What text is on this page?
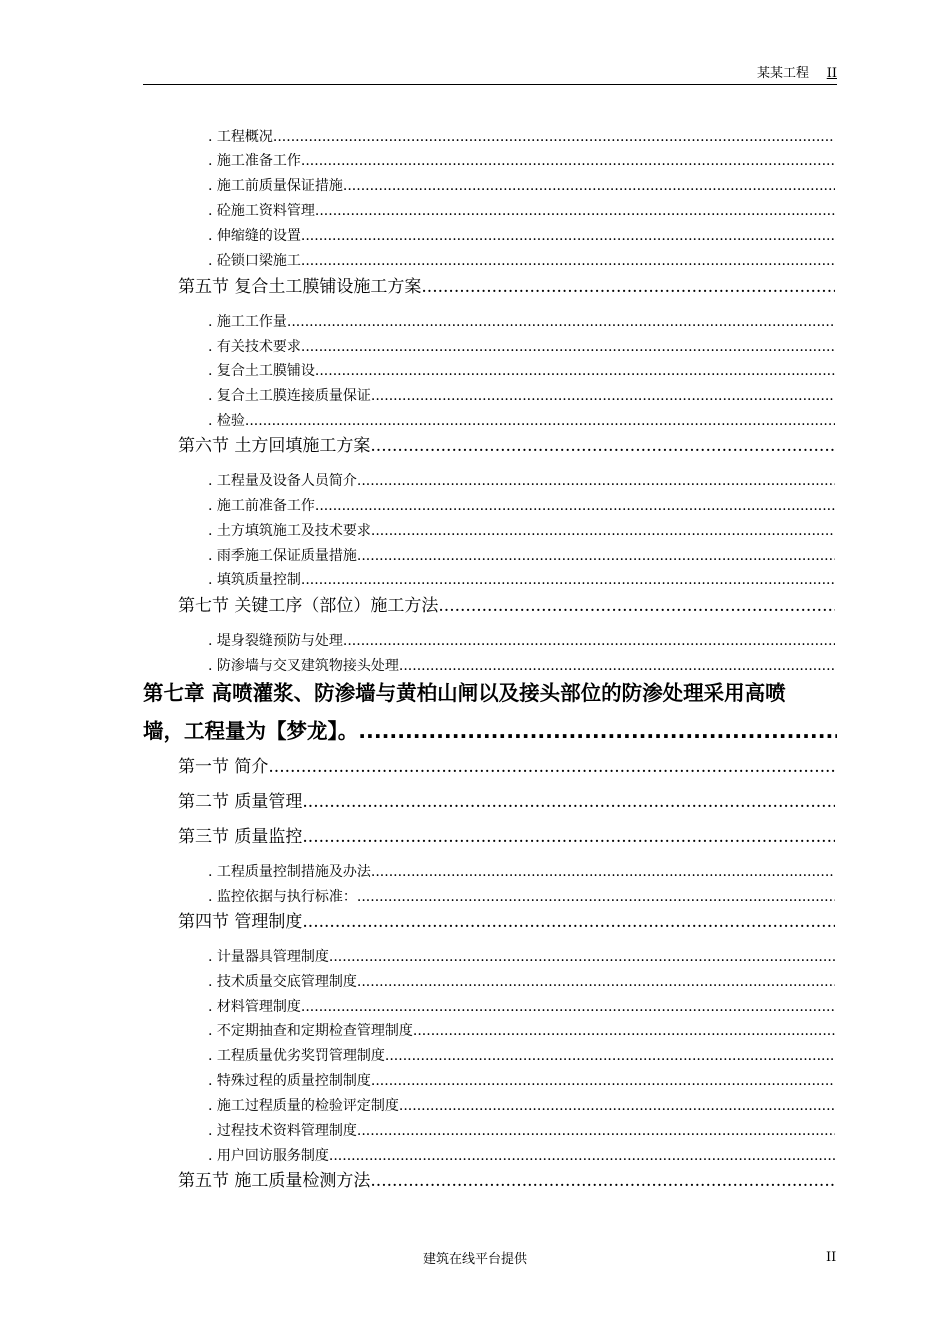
某某工程 II
. 工程概况
.....
. 施工准备工作
.....
. 施工前质量保证措施
.....
. 砼施工资料管理
.....
. 伸缩缝的设置
.....
. 砼锁口梁施工
.....
第五节 复合土工膜铺设施工方案
.....
. 施工工作量
.....
. 有关技术要求
.....
. 复合土工膜铺设
.....
. 复合土工膜连接质量保证
.....
. 检验
.....
第六节 土方回填施工方案
.....
. 工程量及设备人员简介
.....
. 施工前准备工作
.....
. 土方填筑施工及技术要求
.....
. 雨季施工保证质量措施
.....
. 填筑质量控制
.....
第七节 关键工序（部位）施工方法
.....
. 堤身裂缝预防与处理
.....
. 防渗墙与交叉建筑物接头处理
.....
第七章 高喷灌浆、防渗墙与黄柏山闸以及接头部位的防渗处理采用高喷
墙，工程量为【梦龙】。
.....
第一节 简介
.....
第二节 质量管理
.....
第三节 质量监控
.....
. 工程质量控制措施及办法
.....
. 监控依据与执行标准：
.....
第四节 管理制度
.....
. 计量器具管理制度
.....
. 技术质量交底管理制度
.....
. 材料管理制度
.....
. 不定期抽查和定期检查管理制度
.....
. 工程质量优劣奖罚管理制度
.....
. 特殊过程的质量控制制度
.....
. 施工过程质量的检验评定制度
.....
. 过程技术资料管理制度
.....
. 用户回访服务制度
.....
第五节 施工质量检测方法
.....
建筑在线平台提供	II
